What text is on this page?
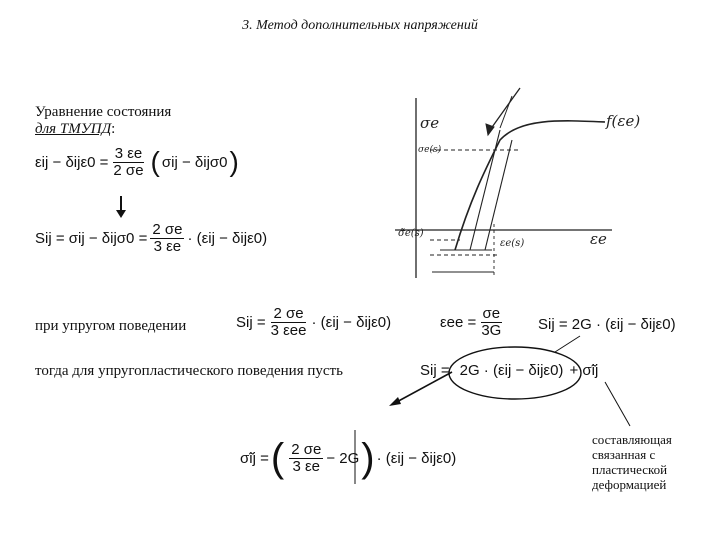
3. Метод дополнительных напряжений
Уравнение состояния
для ТМУПД:
$\varepsilon ij - \delta ij\varepsilon 0 = \frac{3 \varepsilon e}{2 \sigma e}$ ( σij − δijσ0 )
Sij = $\sigma ij - \delta ij\sigma 0 = \frac{2 \sigma e}{3 \varepsilon e} \cdot (\varepsilon ij - \delta ij\varepsilon 0)$
при упругом поведении	Sij = $\frac{2 \sigma e}{\text{3 εeе}} \cdot (\varepsilon ij - \delta ij\varepsilon 0)$	$\varepsilon eе = \frac{\sigma e}{3G}$ Sij = 2G · (εij − δijε0)
тогда для упругопластического поведения пусть	Sij = 2G · (εij − δijε0) + σ̃ij
σ̃ij = ( $\frac{2 \sigma e}{3 \varepsilon e} - 2G$ ) · (εij − δijε0)
составляющая связанная с пластической деформацией
σe
εe
f(εe)
σe(s)
εe(s)
σ̃e(s)
